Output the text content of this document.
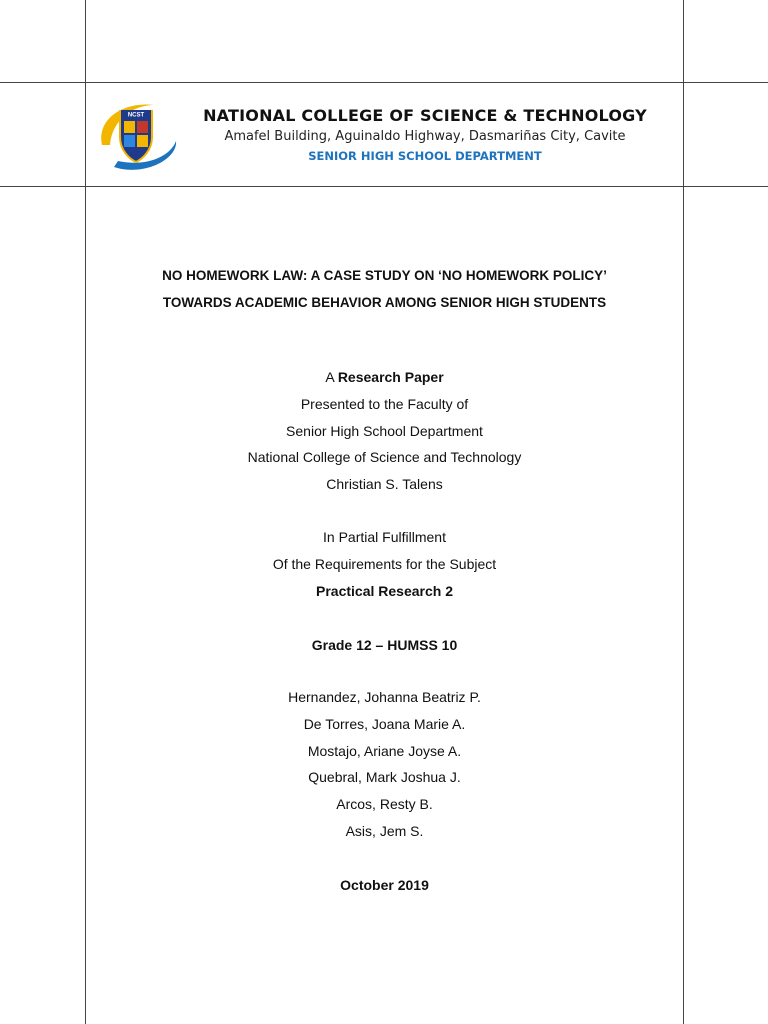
NCST	NATIONAL COLLEGE OF SCIENCE & TECHNOLOGY
Amafel Building, Aguinaldo Highway, Dasmariñas City, Cavite
SENIOR HIGH SCHOOL DEPARTMENT
NO HOMEWORK LAW: A CASE STUDY ON ‘NO HOMEWORK POLICY’
TOWARDS ACADEMIC BEHAVIOR AMONG SENIOR HIGH STUDENTS
A Research Paper
Presented to the Faculty of
Senior High School Department
National College of Science and Technology
Christian S. Talens
In Partial Fulfillment
Of the Requirements for the Subject
Practical Research 2
Grade 12 – HUMSS 10
Hernandez, Johanna Beatriz P.
De Torres, Joana Marie A.
Mostajo, Ariane Joyse A.
Quebral, Mark Joshua J.
Arcos, Resty B.
Asis, Jem S.
October 2019
